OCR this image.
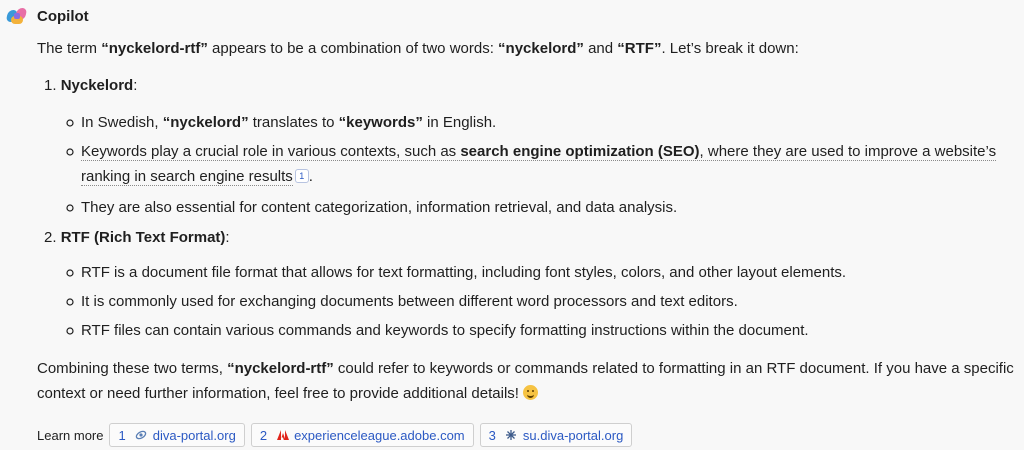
Copilot
The term “nyckelord-rtf” appears to be a combination of two words: “nyckelord” and “RTF”. Let’s break it down:
1. Nyckelord:
In Swedish, “nyckelord” translates to “keywords” in English.
Keywords play a crucial role in various contexts, such as search engine optimization (SEO), where they are used to improve a website’s
ranking in search engine results 1 .
They are also essential for content categorization, information retrieval, and data analysis.
2. RTF (Rich Text Format):
RTF is a document file format that allows for text formatting, including font styles, colors, and other layout elements.
It is commonly used for exchanging documents between different word processors and text editors.
RTF files can contain various commands and keywords to specify formatting instructions within the document.
Combining these two terms, “nyckelord-rtf” could refer to keywords or commands related to formatting in an RTF document. If you have a specific
context or need further information, feel free to provide additional details!
Learn more 1 diva-portal.org 2 experienceleague.adobe.com 3 su.diva-portal.org
